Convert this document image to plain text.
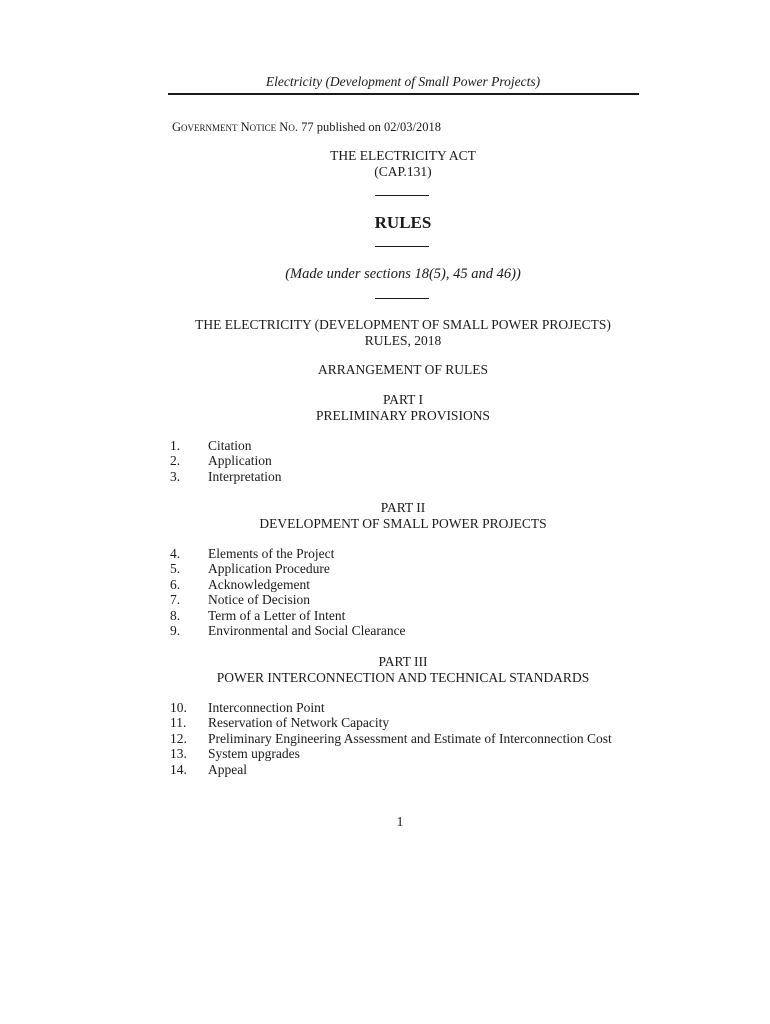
Electricity (Development of Small Power Projects)
Government Notice No. 77 published on 02/03/2018
THE ELECTRICITY ACT
(CAP.131)
RULES
(Made under sections 18(5), 45 and 46))
THE ELECTRICITY (DEVELOPMENT OF SMALL POWER PROJECTS)
RULES, 2018
ARRANGEMENT OF RULES
PART I
PRELIMINARY PROVISIONS
1. Citation
2. Application
3. Interpretation
PART II
DEVELOPMENT OF SMALL POWER PROJECTS
4. Elements of the Project
5. Application Procedure
6. Acknowledgement
7. Notice of Decision
8. Term of a Letter of Intent
9. Environmental and Social Clearance
PART III
POWER INTERCONNECTION AND TECHNICAL STANDARDS
10. Interconnection Point
11. Reservation of Network Capacity
12. Preliminary Engineering Assessment and Estimate of Interconnection Cost
13. System upgrades
14. Appeal
1
